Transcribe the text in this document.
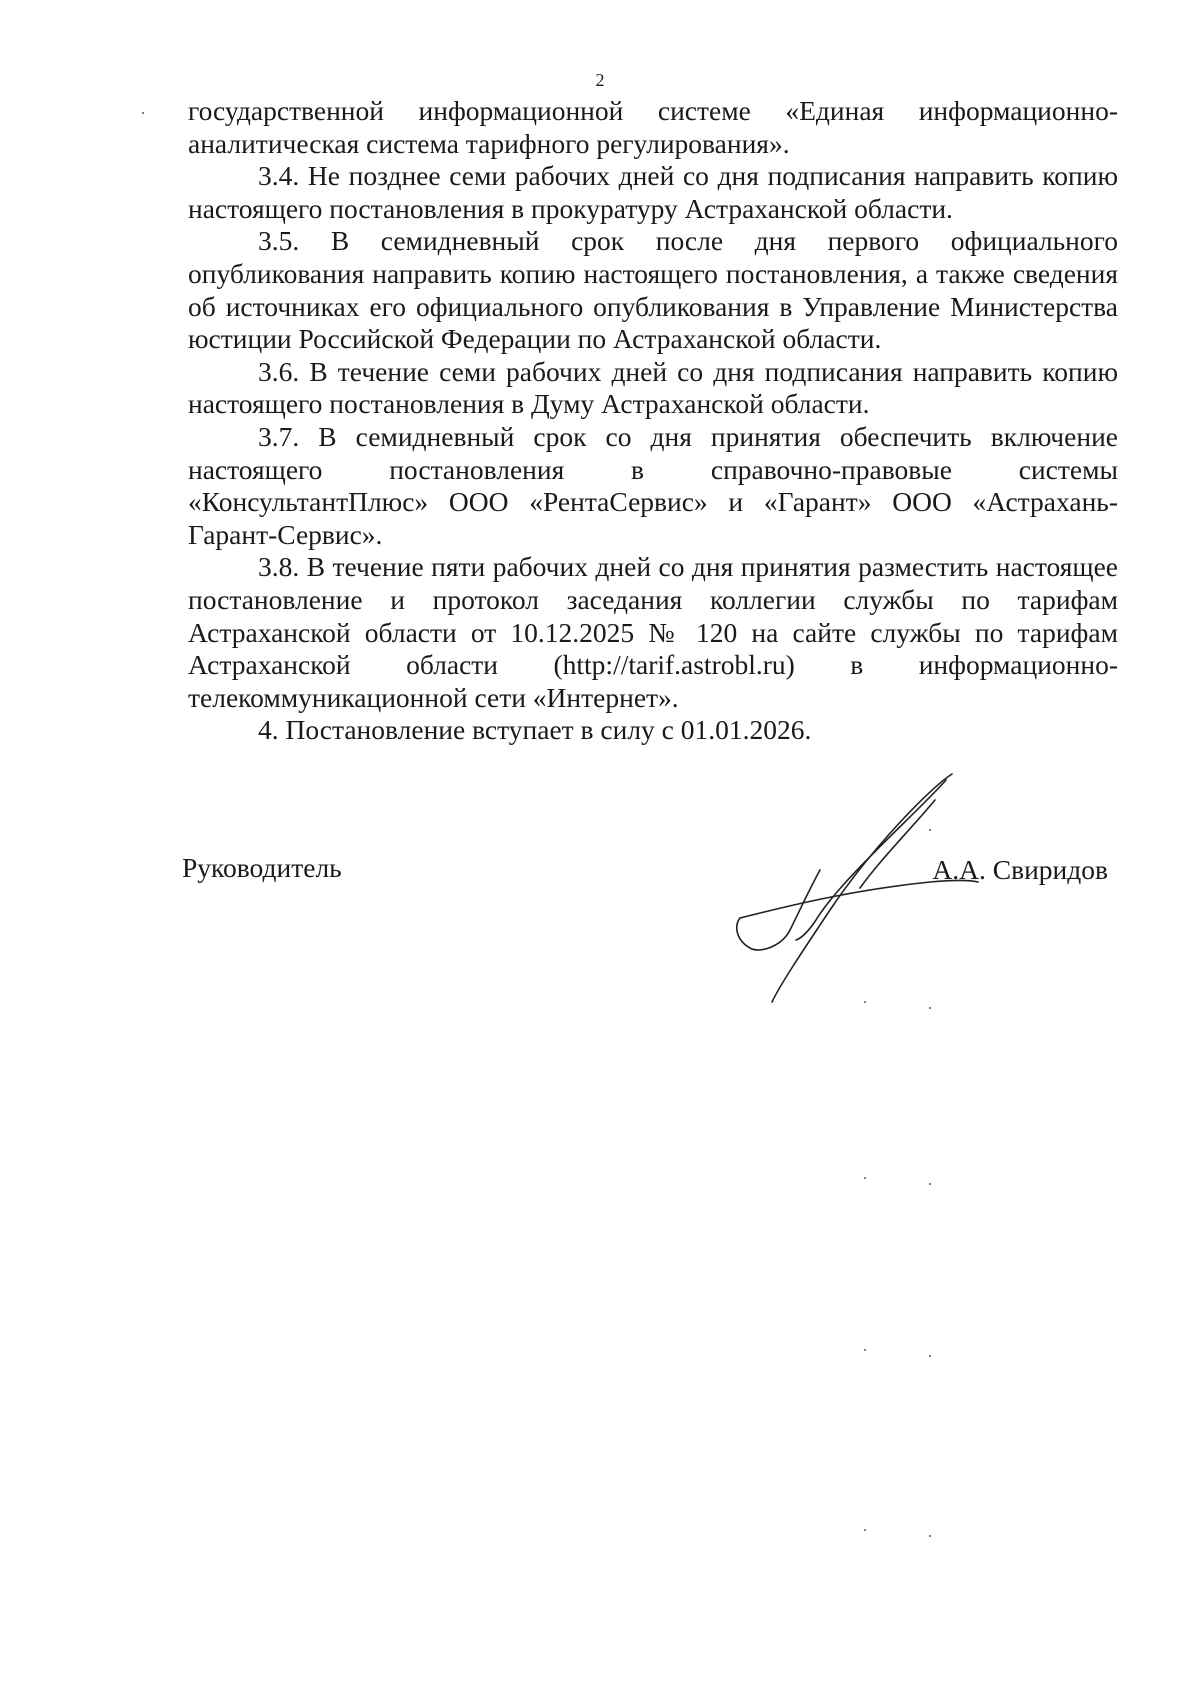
2

государственной информационной системе «Единая информационно-аналитическая система тарифного регулирования».

3.4. Не позднее семи рабочих дней со дня подписания направить копию настоящего постановления в прокуратуру Астраханской области.

3.5. В семидневный срок после дня первого официального опубликования направить копию настоящего постановления, а также сведения об источниках его официального опубликования в Управление Министерства юстиции Российской Федерации по Астраханской области.

3.6. В течение семи рабочих дней со дня подписания направить копию настоящего постановления в Думу Астраханской области.

3.7. В семидневный срок со дня принятия обеспечить включение настоящего постановления в справочно-правовые системы «КонсультантПлюс» ООО «РентаСервис» и «Гарант» ООО «Астрахань-Гарант-Сервис».

3.8. В течение пяти рабочих дней со дня принятия разместить настоящее постановление и протокол заседания коллегии службы по тарифам Астраханской области от 10.12.2025 № 120 на сайте службы по тарифам Астраханской области (http://tarif.astrobl.ru) в информационно-телекоммуникационной сети «Интернет».

4. Постановление вступает в силу с 01.01.2026.

Руководитель	А.А. Свиридов
